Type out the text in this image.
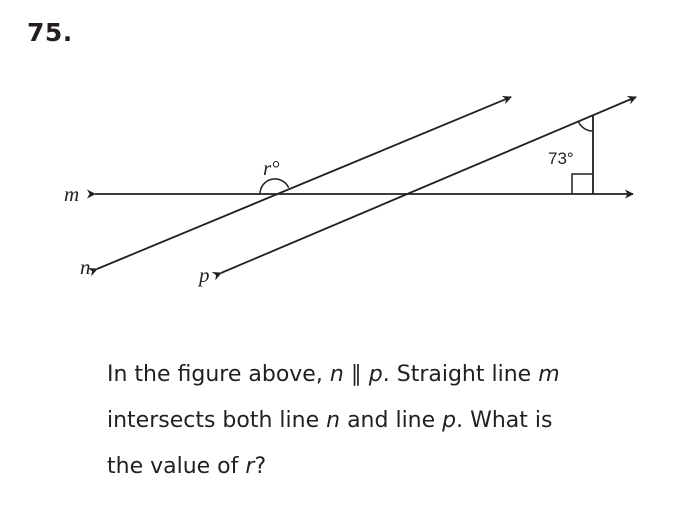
75.
73°
r°
m
n	p
In the figure above, n ∥ p. Straight line m
intersects both line n and line p. What is
the value of r?
